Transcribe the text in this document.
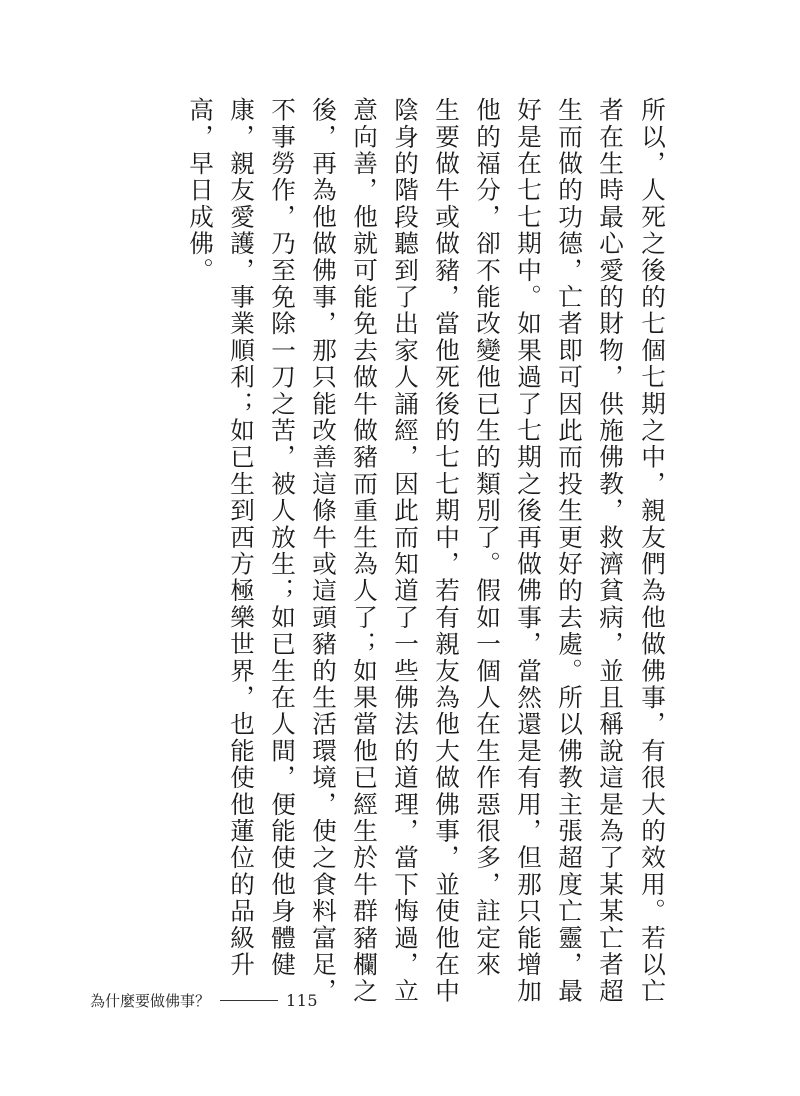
所以，人死之後的七個七期之中，親友們為他做佛事，有很大的效用。若以亡
者在生時最心愛的財物，供施佛教，救濟貧病，並且稱說這是為了某某亡者超
生而做的功德，亡者即可因此而投生更好的去處。所以佛教主張超度亡靈，最
好是在七七期中。如果過了七期之後再做佛事，當然還是有用，但那只能增加
他的福分，卻不能改變他已生的類別了。假如一個人在生作惡很多，註定來
生要做牛或做豬，當他死後的七七期中，若有親友為他大做佛事，並使他在中
陰身的階段聽到了出家人誦經，因此而知道了一些佛法的道理，當下悔過，立
意向善，他就可能免去做牛做豬而重生為人了；如果當他已經生於牛群豬欄之
後，再為他做佛事，那只能改善這條牛或這頭豬的生活環境，使之食料富足，
不事勞作，乃至免除一刀之苦，被人放生；如已生在人間，便能使他身體健
康，親友愛護，事業順利；如已生到西方極樂世界，也能使他蓮位的品級升
高，早日成佛。
為什麼要做佛事？	115
